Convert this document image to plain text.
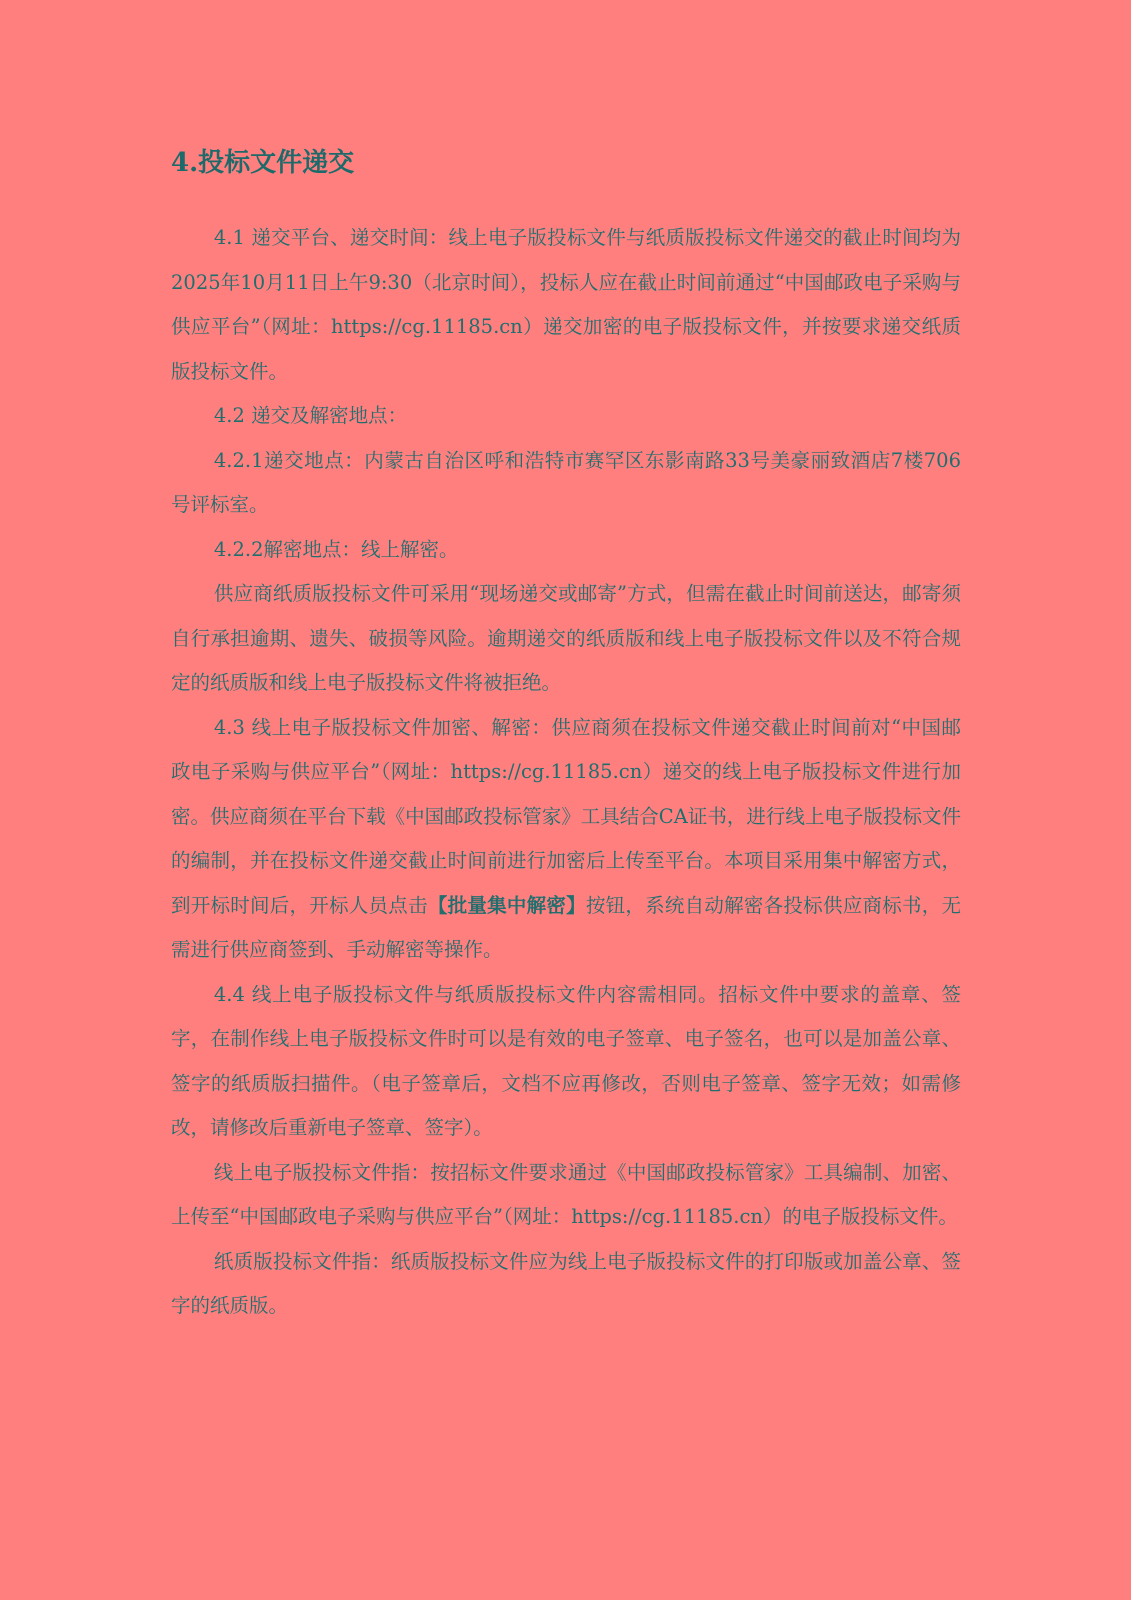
4.投标文件递交

4.1 递交平台、递交时间：线上电子版投标文件与纸质版投标文件递交的截止时间均为2025年10月11日上午9:30（北京时间），投标人应在截止时间前通过“中国邮政电子采购与供应平台”（网址：https://cg.11185.cn）递交加密的电子版投标文件，并按要求递交纸质版投标文件。

4.2 递交及解密地点：

4.2.1递交地点：内蒙古自治区呼和浩特市赛罕区东影南路33号美豪丽致酒店7楼706号评标室。

4.2.2解密地点：线上解密。

供应商纸质版投标文件可采用“现场递交或邮寄”方式，但需在截止时间前送达，邮寄须自行承担逾期、遗失、破损等风险。逾期递交的纸质版和线上电子版投标文件以及不符合规定的纸质版和线上电子版投标文件将被拒绝。

4.3 线上电子版投标文件加密、解密：供应商须在投标文件递交截止时间前对“中国邮政电子采购与供应平台”（网址：https://cg.11185.cn）递交的线上电子版投标文件进行加密。供应商须在平台下载《中国邮政投标管家》工具结合CA证书，进行线上电子版投标文件的编制，并在投标文件递交截止时间前进行加密后上传至平台。本项目采用集中解密方式，到开标时间后，开标人员点击【批量集中解密】按钮，系统自动解密各投标供应商标书，无需进行供应商签到、手动解密等操作。

4.4 线上电子版投标文件与纸质版投标文件内容需相同。招标文件中要求的盖章、签字，在制作线上电子版投标文件时可以是有效的电子签章、电子签名，也可以是加盖公章、签字的纸质版扫描件。（电子签章后，文档不应再修改，否则电子签章、签字无效；如需修改，请修改后重新电子签章、签字）。

线上电子版投标文件指：按招标文件要求通过《中国邮政投标管家》工具编制、加密、上传至“中国邮政电子采购与供应平台”（网址：https://cg.11185.cn）的电子版投标文件。

纸质版投标文件指：纸质版投标文件应为线上电子版投标文件的打印版或加盖公章、签字的纸质版。
